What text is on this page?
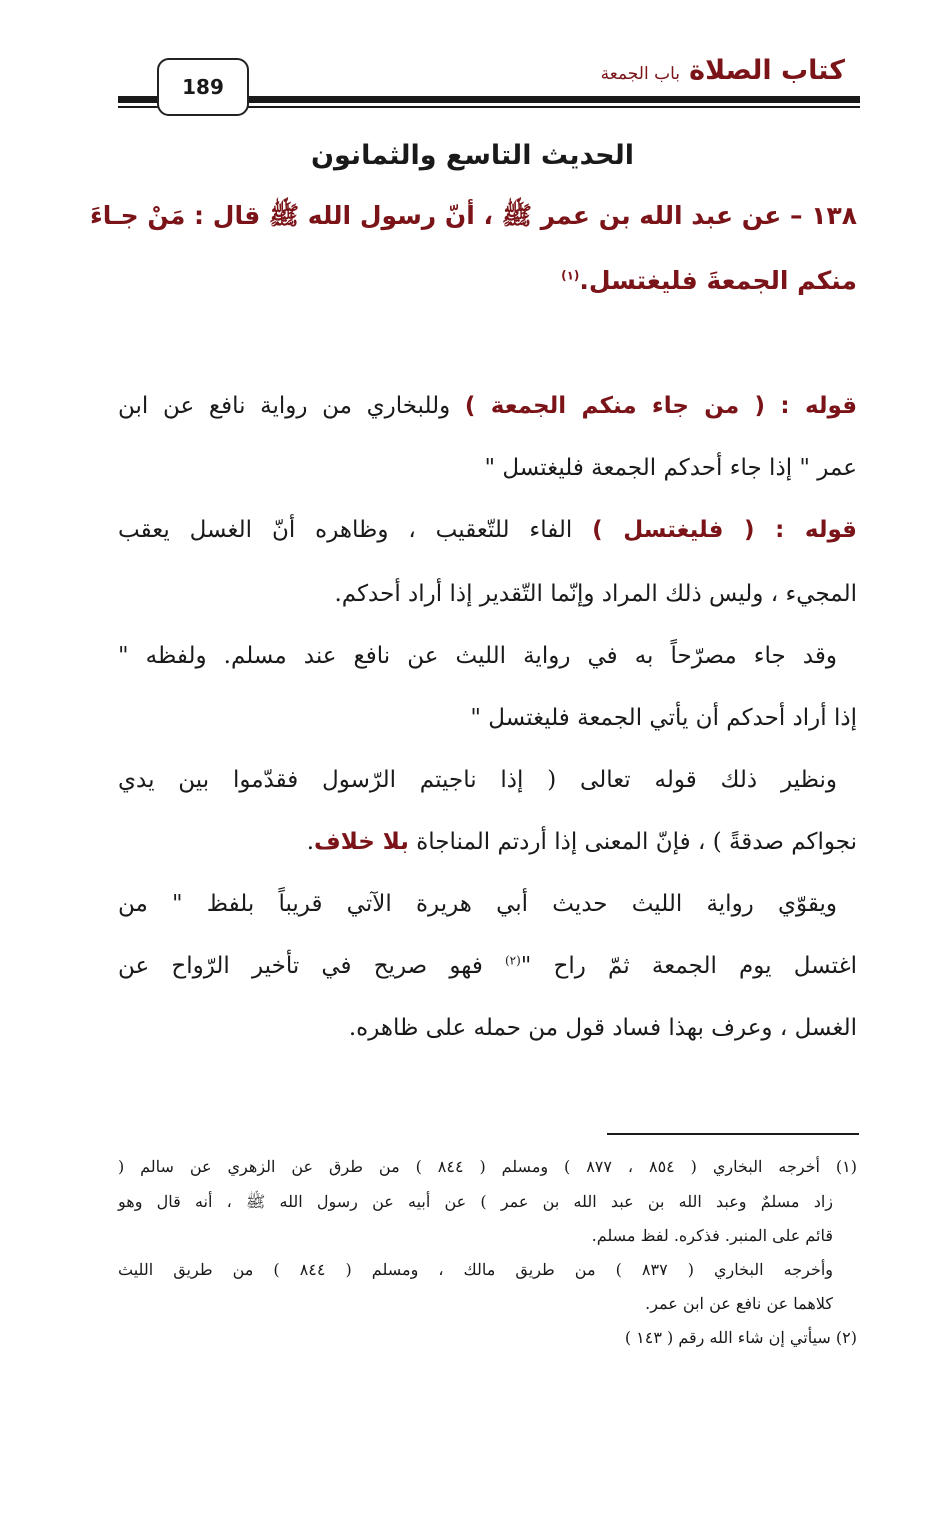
كتاب الصلاة
باب الجمعة
189
الحديث التاسع والثمانون
١٣٨ – عن عبد الله بن عمر ﷺ ، أنّ رسول الله ﷺ قال : مَنْ جـاءَ
منكم الجمعةَ فليغتسل.$^{(١)}$
قوله : ( من جاء منكم الجمعة ) وللبخاري من رواية نافع عن ابن
عمر " إذا جاء أحدكم الجمعة فليغتسل "
قوله : ( فليغتسل ) الفاء للتّعقيب ، وظاهره أنّ الغسل يعقب
المجيء ، وليس ذلك المراد وإنّما التّقدير إذا أراد أحدكم.
وقد جاء مصرّحاً به في رواية الليث عن نافع عند مسلم. ولفظه "
إذا أراد أحدكم أن يأتي الجمعة فليغتسل "
ونظير ذلك قوله تعالى ( إذا ناجيتم الرّسول فقدّموا بين يدي
نجواكم صدقةً ) ، فإنّ المعنى إذا أردتم المناجاة بلا خلاف.
ويقوّي رواية الليث حديث أبي هريرة الآتي قريباً بلفظ " من
اغتسل يوم الجمعة ثمّ راح "$^{(٢)}$ فهو صريح في تأخير الرّواح عن
الغسل ، وعرف بهذا فساد قول من حمله على ظاهره.
(١) أخرجه البخاري ( ٨٥٤ ، ٨٧٧ ) ومسلم ( ٨٤٤ ) من طرق عن الزهري عن سالم (
زاد مسلمٌ وعبد الله بن عبد الله بن عمر ) عن أبيه عن رسول الله ﷺ ، أنه قال وهو
قائم على المنبر. فذكره. لفظ مسلم.
وأخرجه البخاري ( ٨٣٧ ) من طريق مالك ، ومسلم ( ٨٤٤ ) من طريق الليث
كلاهما عن نافع عن ابن عمر.
(٢) سيأتي إن شاء الله رقم ( ١٤٣ )
